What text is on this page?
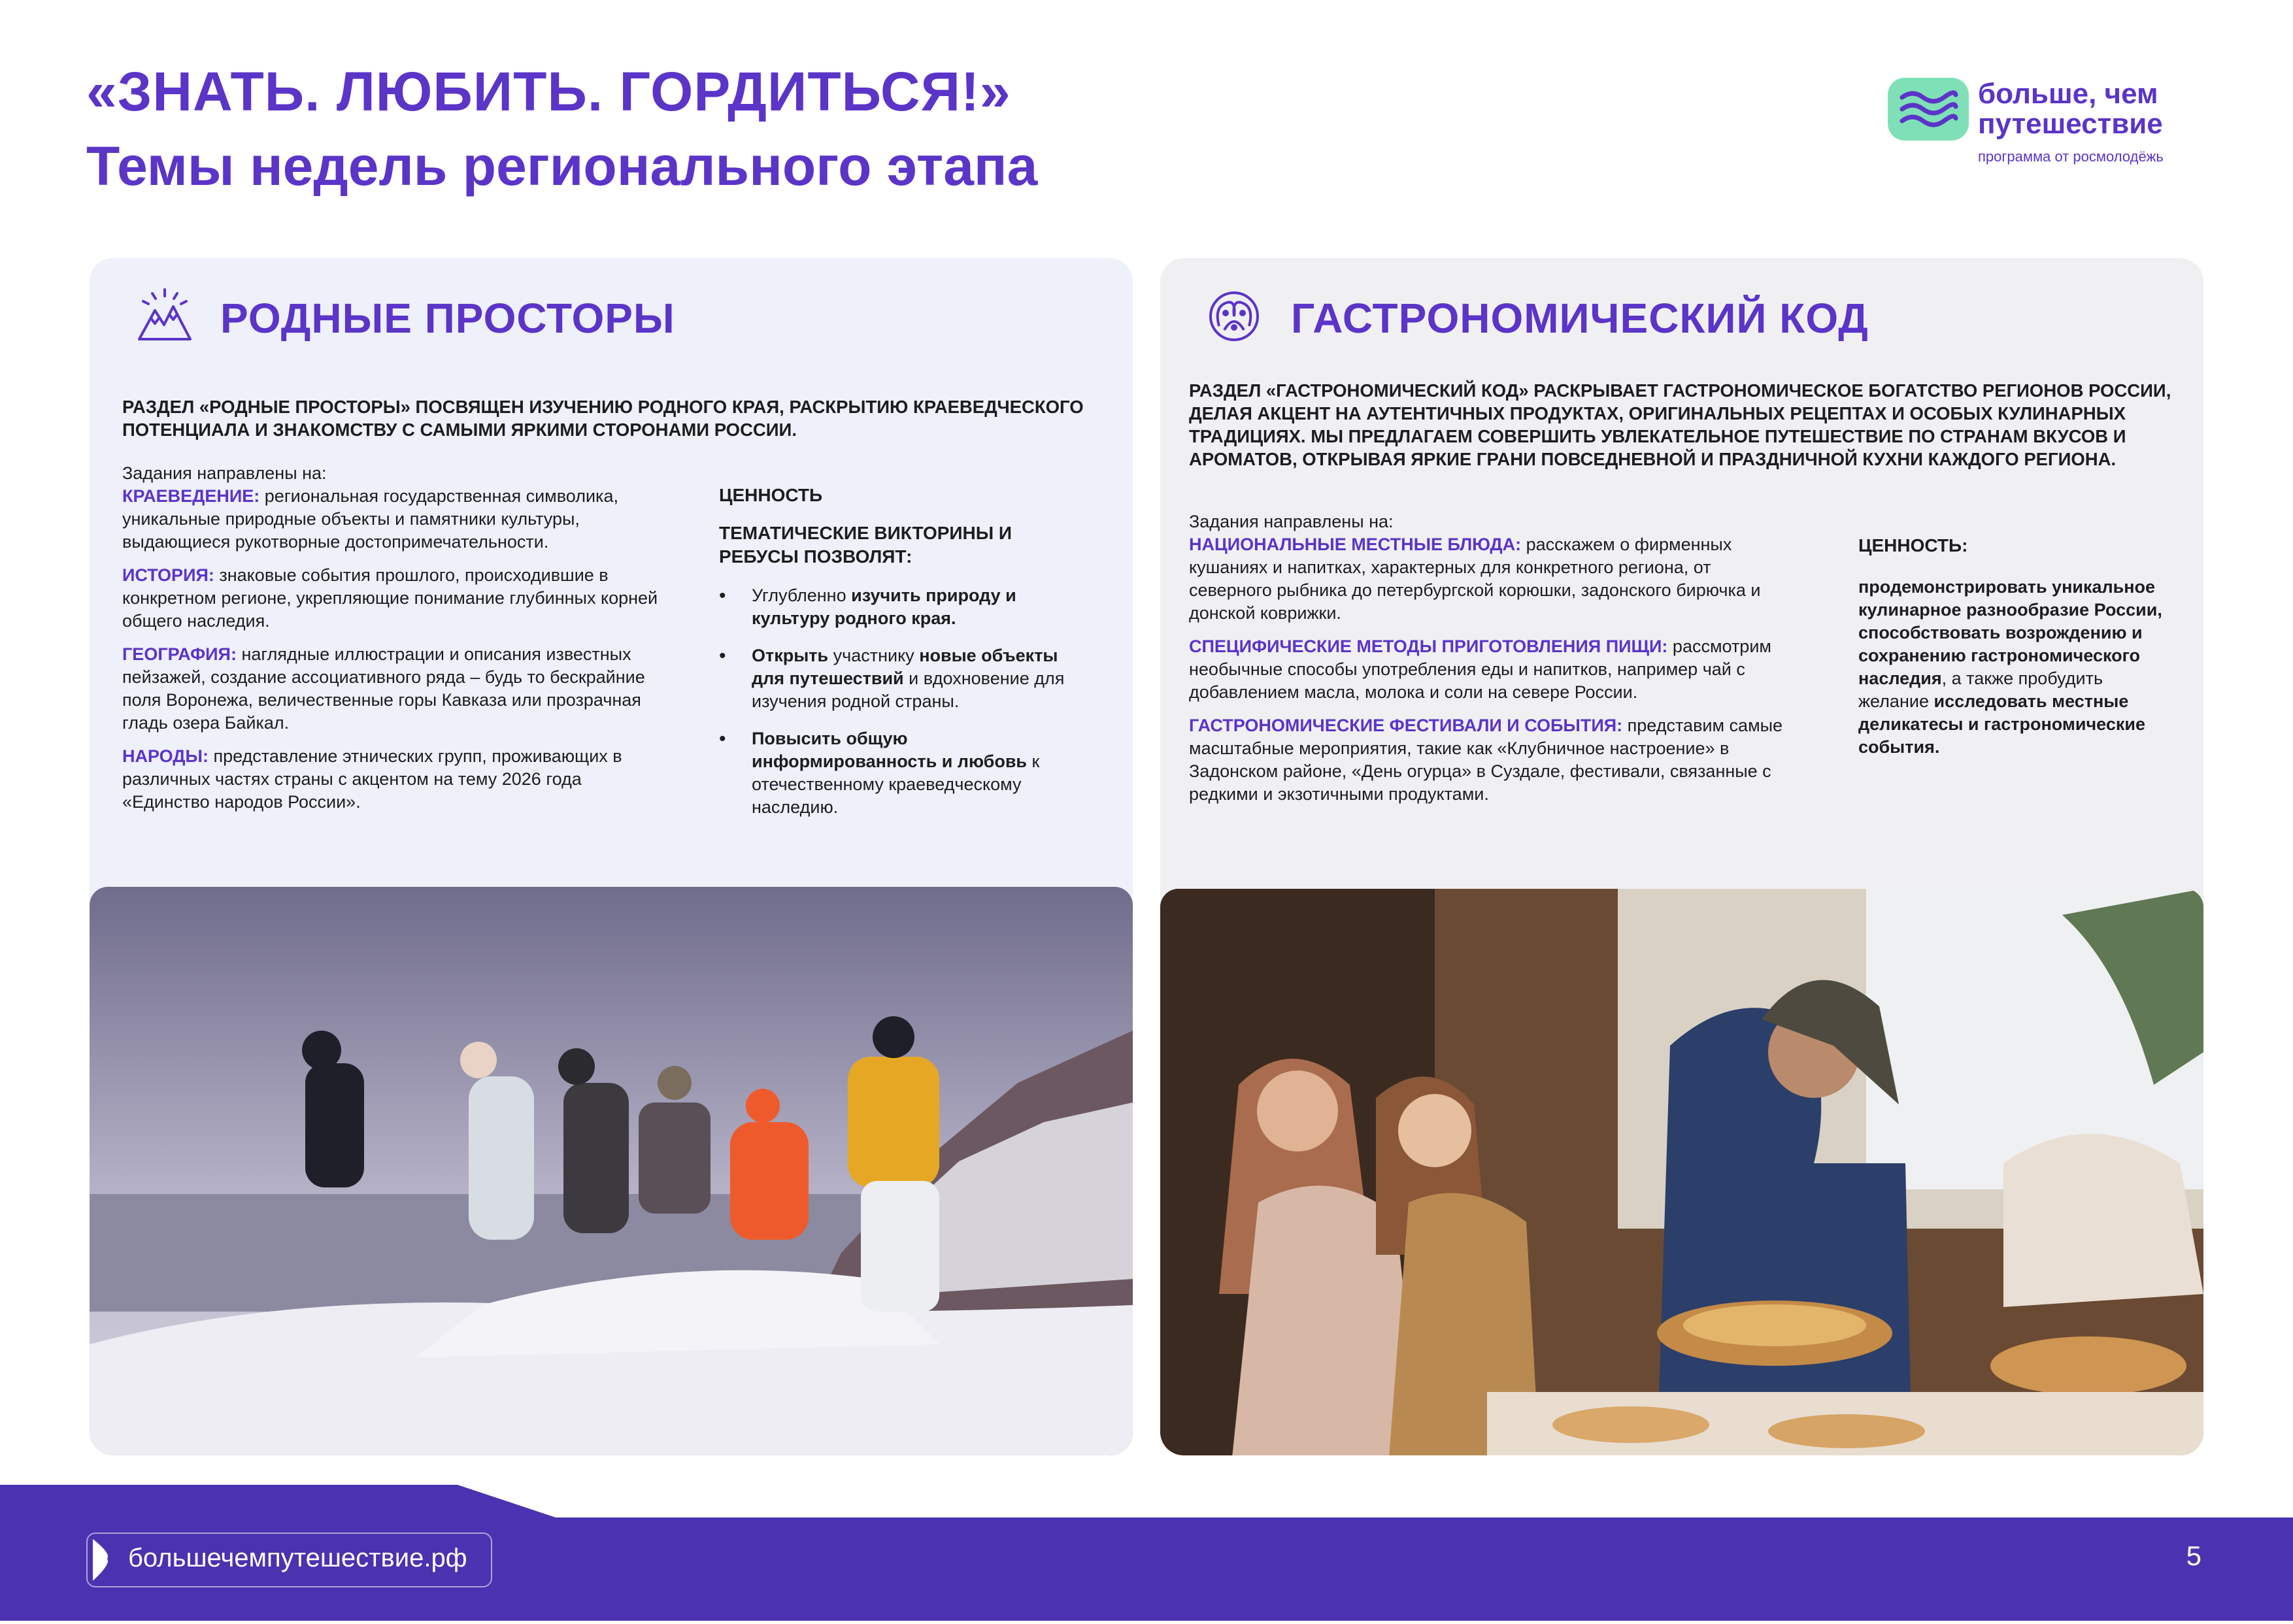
«ЗНАТЬ. ЛЮБИТЬ. ГОРДИТЬСЯ!»
Темы недель регионального этапа
больше, чем
путешествие
программа от росмолодёжь
РОДНЫЕ ПРОСТОРЫ
РАЗДЕЛ «РОДНЫЕ ПРОСТОРЫ» ПОСВЯЩЕН ИЗУЧЕНИЮ РОДНОГО КРАЯ, РАСКРЫТИЮ КРАЕВЕДЧЕСКОГО ПОТЕНЦИАЛА И ЗНАКОМСТВУ С САМЫМИ ЯРКИМИ СТОРОНАМИ РОССИИ.

Задания направлены на:

КРАЕВЕДЕНИЕ: региональная государственная символика, уникальные природные объекты и памятники культуры, выдающиеся рукотворные достопримечательности.

ИСТОРИЯ: знаковые события прошлого, происходившие в конкретном регионе, укрепляющие понимание глубинных корней общего наследия.

ГЕОГРАФИЯ: наглядные иллюстрации и описания известных пейзажей, создание ассоциативного ряда – будь то бескрайние поля Воронежа, величественные горы Кавказа или прозрачная гладь озера Байкал.

НАРОДЫ: представление этнических групп, проживающих в различных частях страны с акцентом на тему 2026 года «Единство народов России».

ЦЕННОСТЬ
ТЕМАТИЧЕСКИЕ ВИКТОРИНЫ И РЕБУСЫ ПОЗВОЛЯТ:
• Углубленно изучить природу и культуру родного края.
• Открыть участнику новые объекты для путешествий и вдохновение для изучения родной страны.
• Повысить общую информированность и любовь к отечественному краеведческому наследию.
ГАСТРОНОМИЧЕСКИЙ КОД
РАЗДЕЛ «ГАСТРОНОМИЧЕСКИЙ КОД» РАСКРЫВАЕТ ГАСТРОНОМИЧЕСКОЕ БОГАТСТВО РЕГИОНОВ РОССИИ, ДЕЛАЯ АКЦЕНТ НА АУТЕНТИЧНЫХ ПРОДУКТАХ, ОРИГИНАЛЬНЫХ РЕЦЕПТАХ И ОСОБЫХ КУЛИНАРНЫХ ТРАДИЦИЯХ. МЫ ПРЕДЛАГАЕМ СОВЕРШИТЬ УВЛЕКАТЕЛЬНОЕ ПУТЕШЕСТВИЕ ПО СТРАНАМ ВКУСОВ И АРОМАТОВ, ОТКРЫВАЯ ЯРКИЕ ГРАНИ ПОВСЕДНЕВНОЙ И ПРАЗДНИЧНОЙ КУХНИ КАЖДОГО РЕГИОНА.

Задания направлены на:

НАЦИОНАЛЬНЫЕ МЕСТНЫЕ БЛЮДА: расскажем о фирменных кушаниях и напитках, характерных для конкретного региона, от северного рыбника до петербургской корюшки, задонского бирючка и донской коврижки.

СПЕЦИФИЧЕСКИЕ МЕТОДЫ ПРИГОТОВЛЕНИЯ ПИЩИ: рассмотрим необычные способы употребления еды и напитков, например чай с добавлением масла, молока и соли на севере России.

ГАСТРОНОМИЧЕСКИЕ ФЕСТИВАЛИ И СОБЫТИЯ: представим самые масштабные мероприятия, такие как «Клубничное настроение» в Задонском районе, «День огурца» в Суздале, фестивали, связанные с редкими и экзотичными продуктами.

ЦЕННОСТЬ:

продемонстрировать уникальное кулинарное разнообразие России, способствовать возрождению и сохранению гастрономического наследия, а также пробудить желание исследовать местные деликатесы и гастрономические события.

большечемпутешествие.рф	5
